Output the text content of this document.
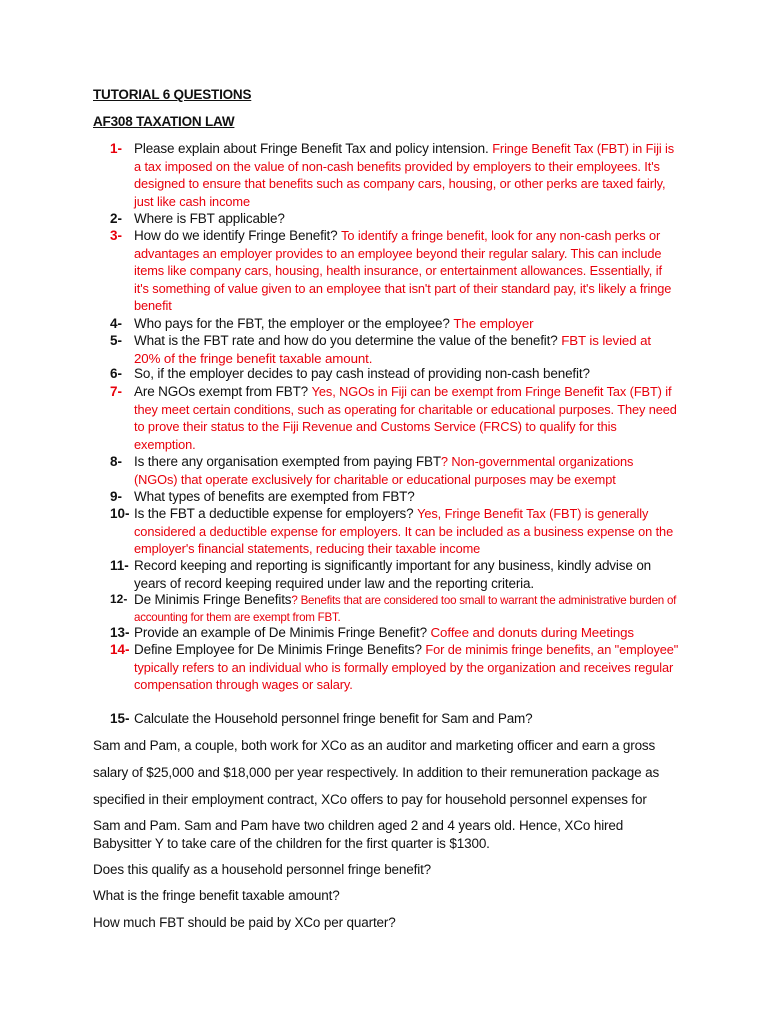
TUTORIAL 6 QUESTIONS
AF308 TAXATION LAW
1- Please explain about Fringe Benefit Tax and policy intension. Fringe Benefit Tax (FBT) in Fiji is a tax imposed on the value of non-cash benefits provided by employers to their employees. It's designed to ensure that benefits such as company cars, housing, or other perks are taxed fairly, just like cash income
2- Where is FBT applicable?
3- How do we identify Fringe Benefit? To identify a fringe benefit, look for any non-cash perks or advantages an employer provides to an employee beyond their regular salary. This can include items like company cars, housing, health insurance, or entertainment allowances. Essentially, if it's something of value given to an employee that isn't part of their standard pay, it's likely a fringe benefit
4- Who pays for the FBT, the employer or the employee? The employer
5- What is the FBT rate and how do you determine the value of the benefit? FBT is levied at 20% of the fringe benefit taxable amount.
6- So, if the employer decides to pay cash instead of providing non-cash benefit?
7- Are NGOs exempt from FBT? Yes, NGOs in Fiji can be exempt from Fringe Benefit Tax (FBT) if they meet certain conditions, such as operating for charitable or educational purposes. They need to prove their status to the Fiji Revenue and Customs Service (FRCS) to qualify for this exemption.
8- Is there any organisation exempted from paying FBT? Non-governmental organizations (NGOs) that operate exclusively for charitable or educational purposes may be exempt
9- What types of benefits are exempted from FBT?
10- Is the FBT a deductible expense for employers? Yes, Fringe Benefit Tax (FBT) is generally considered a deductible expense for employers. It can be included as a business expense on the employer's financial statements, reducing their taxable income
11- Record keeping and reporting is significantly important for any business, kindly advise on years of record keeping required under law and the reporting criteria.
12- De Minimis Fringe Benefits? Benefits that are considered too small to warrant the administrative burden of accounting for them are exempt from FBT.
13- Provide an example of De Minimis Fringe Benefit? Coffee and donuts during Meetings
14- Define Employee for De Minimis Fringe Benefits? For de minimis fringe benefits, an "employee" typically refers to an individual who is formally employed by the organization and receives regular compensation through wages or salary.
15- Calculate the Household personnel fringe benefit for Sam and Pam?
Sam and Pam, a couple, both work for XCo as an auditor and marketing officer and earn a gross
salary of $25,000 and $18,000 per year respectively. In addition to their remuneration package as
specified in their employment contract, XCo offers to pay for household personnel expenses for
Sam and Pam. Sam and Pam have two children aged 2 and 4 years old. Hence, XCo hired Babysitter Y to take care of the children for the first quarter is $1300.
Does this qualify as a household personnel fringe benefit?
What is the fringe benefit taxable amount?
How much FBT should be paid by XCo per quarter?
